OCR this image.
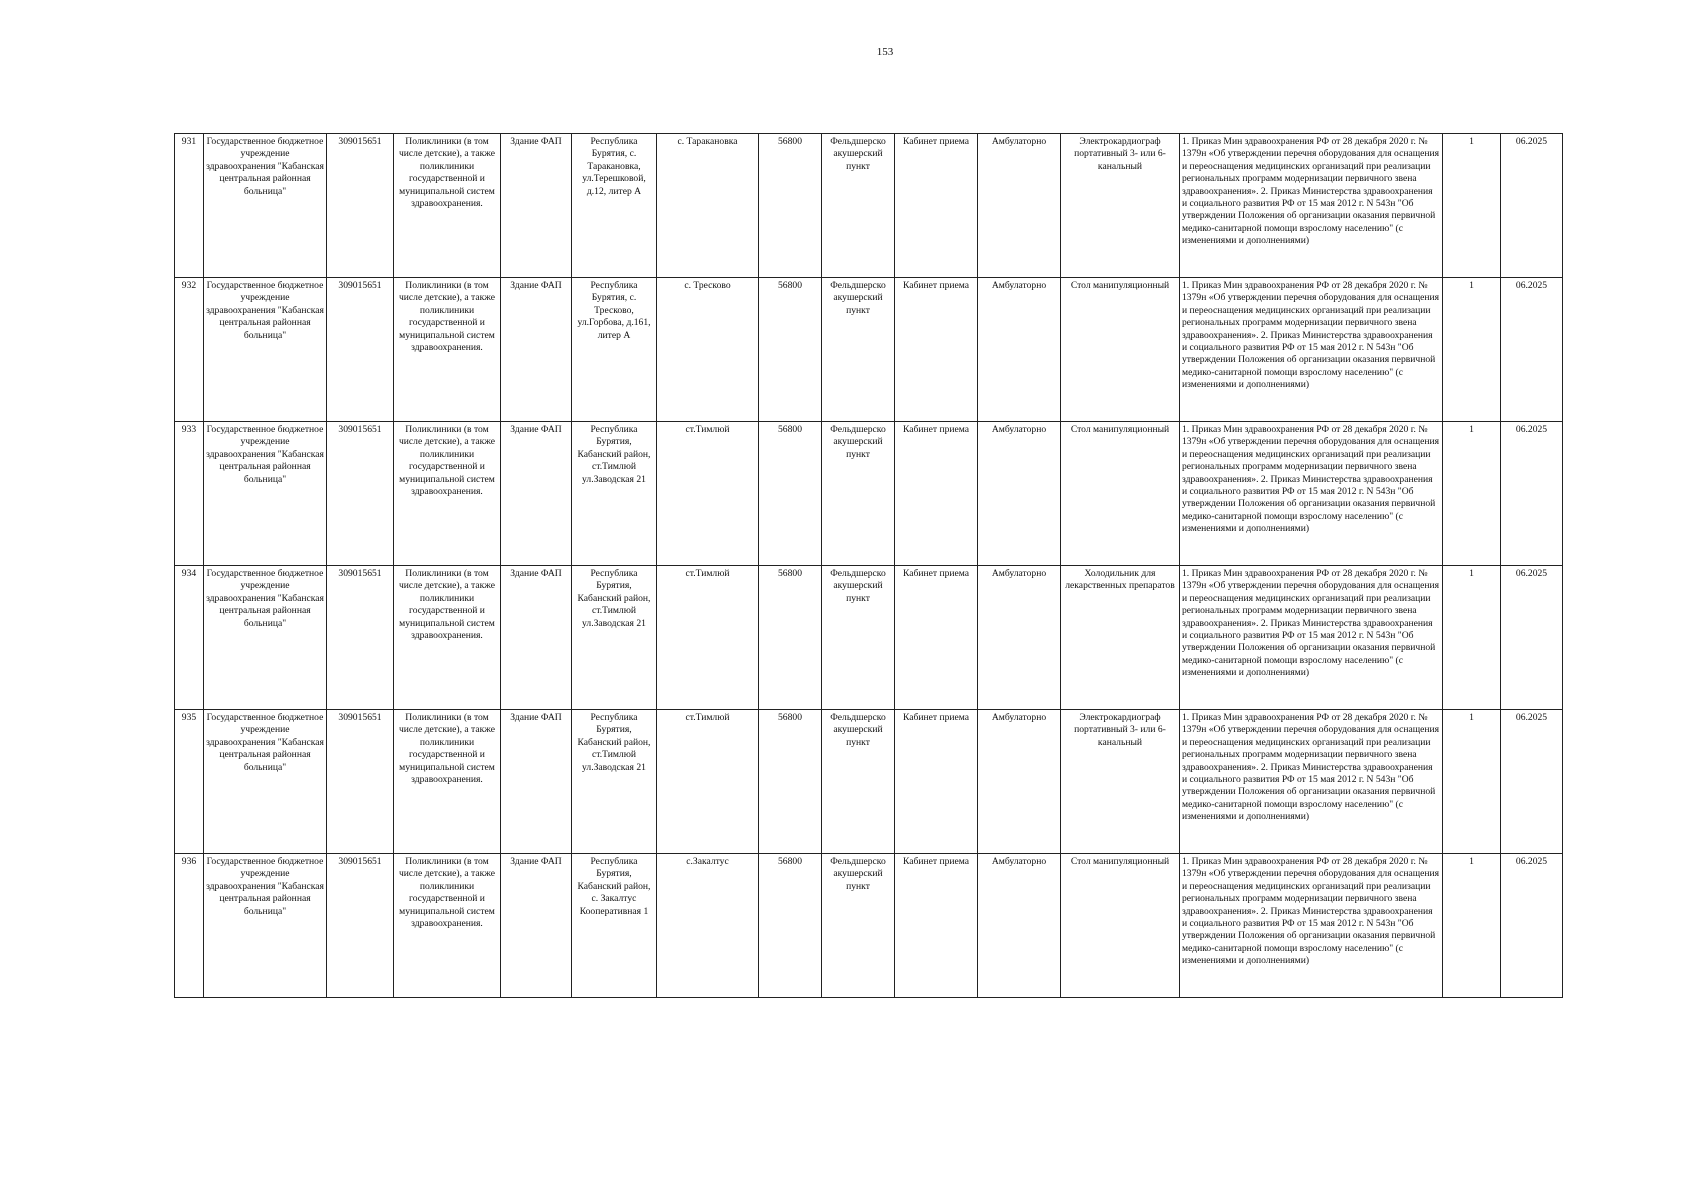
153
931	Государственное бюджетное учреждение здравоохранения "Кабанская центральная районная больница"	309015651	Поликлиники (в том числе детские), а также поликлиники государственной и муниципальной систем здравоохранения.	Здание ФАП	Республика Бурятия, с. Таракановка, ул.Терешковой, д.12, литер А	с. Таракановка	56800	Фельдшерско акушерский пункт	Кабинет приема	Амбулаторно	Электрокардиограф портативный 3- или 6-канальный	1. Приказ Мин здравоохранения РФ от 28 декабря 2020 г. № 1379н «Об утверждении перечня оборудования для оснащения и переоснащения медицинских организаций при реализации региональных программ модернизации первичного звена здравоохранения». 2. Приказ Министерства здравоохранения и социального развития РФ от 15 мая 2012 г. N 543н "Об утверждении Положения об организации оказания первичной медико-санитарной помощи взрослому населению" (с изменениями и дополнениями)	1	06.2025
932	Государственное бюджетное учреждение здравоохранения "Кабанская центральная районная больница"	309015651	Поликлиники (в том числе детские), а также поликлиники государственной и муниципальной систем здравоохранения.	Здание ФАП	Республика Бурятия, с. Тресково, ул.Горбова, д.161, литер А	с. Тресково	56800	Фельдшерско акушерский пункт	Кабинет приема	Амбулаторно	Стол манипуляционный	1. Приказ Мин здравоохранения РФ от 28 декабря 2020 г. № 1379н «Об утверждении перечня оборудования для оснащения и переоснащения медицинских организаций при реализации региональных программ модернизации первичного звена здравоохранения». 2. Приказ Министерства здравоохранения и социального развития РФ от 15 мая 2012 г. N 543н "Об утверждении Положения об организации оказания первичной медико-санитарной помощи взрослому населению" (с изменениями и дополнениями)	1	06.2025
933	Государственное бюджетное учреждение здравоохранения "Кабанская центральная районная больница"	309015651	Поликлиники (в том числе детские), а также поликлиники государственной и муниципальной систем здравоохранения.	Здание ФАП	Республика Бурятия, Кабанский район, ст.Тимлюй ул.Заводская 21	ст.Тимлюй	56800	Фельдшерско акушерский пункт	Кабинет приема	Амбулаторно	Стол манипуляционный	1. Приказ Мин здравоохранения РФ от 28 декабря 2020 г. № 1379н «Об утверждении перечня оборудования для оснащения и переоснащения медицинских организаций при реализации региональных программ модернизации первичного звена здравоохранения». 2. Приказ Министерства здравоохранения и социального развития РФ от 15 мая 2012 г. N 543н "Об утверждении Положения об организации оказания первичной медико-санитарной помощи взрослому населению" (с изменениями и дополнениями)	1	06.2025
934	Государственное бюджетное учреждение здравоохранения "Кабанская центральная районная больница"	309015651	Поликлиники (в том числе детские), а также поликлиники государственной и муниципальной систем здравоохранения.	Здание ФАП	Республика Бурятия, Кабанский район, ст.Тимлюй ул.Заводская 21	ст.Тимлюй	56800	Фельдшерско акушерский пункт	Кабинет приема	Амбулаторно	Холодильник для лекарственных препаратов	1. Приказ Мин здравоохранения РФ от 28 декабря 2020 г. № 1379н «Об утверждении перечня оборудования для оснащения и переоснащения медицинских организаций при реализации региональных программ модернизации первичного звена здравоохранения». 2. Приказ Министерства здравоохранения и социального развития РФ от 15 мая 2012 г. N 543н "Об утверждении Положения об организации оказания первичной медико-санитарной помощи взрослому населению" (с изменениями и дополнениями)	1	06.2025
935	Государственное бюджетное учреждение здравоохранения "Кабанская центральная районная больница"	309015651	Поликлиники (в том числе детские), а также поликлиники государственной и муниципальной систем здравоохранения.	Здание ФАП	Республика Бурятия, Кабанский район, ст.Тимлюй ул.Заводская 21	ст.Тимлюй	56800	Фельдшерско акушерский пункт	Кабинет приема	Амбулаторно	Электрокардиограф портативный 3- или 6-канальный	1. Приказ Мин здравоохранения РФ от 28 декабря 2020 г. № 1379н «Об утверждении перечня оборудования для оснащения и переоснащения медицинских организаций при реализации региональных программ модернизации первичного звена здравоохранения». 2. Приказ Министерства здравоохранения и социального развития РФ от 15 мая 2012 г. N 543н "Об утверждении Положения об организации оказания первичной медико-санитарной помощи взрослому населению" (с изменениями и дополнениями)	1	06.2025
936	Государственное бюджетное учреждение здравоохранения "Кабанская центральная районная больница"	309015651	Поликлиники (в том числе детские), а также поликлиники государственной и муниципальной систем здравоохранения.	Здание ФАП	Республика Бурятия, Кабанский район, с. Закалтус Кооперативная 1	с.Закалтус	56800	Фельдшерско акушерский пункт	Кабинет приема	Амбулаторно	Стол манипуляционный	1. Приказ Мин здравоохранения РФ от 28 декабря 2020 г. № 1379н «Об утверждении перечня оборудования для оснащения и переоснащения медицинских организаций при реализации региональных программ модернизации первичного звена здравоохранения». 2. Приказ Министерства здравоохранения и социального развития РФ от 15 мая 2012 г. N 543н "Об утверждении Положения об организации оказания первичной медико-санитарной помощи взрослому населению" (с изменениями и дополнениями)	1	06.2025
